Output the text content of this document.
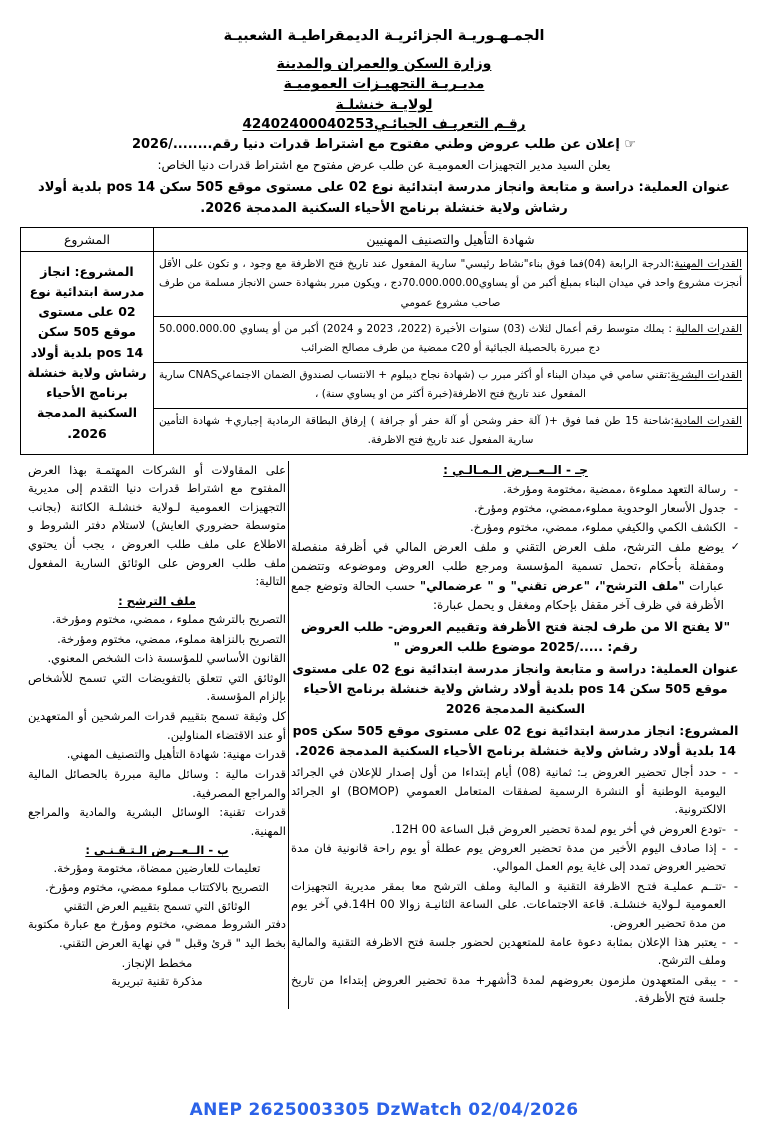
الجمـهـوريـة الجزائريـة الديمقراطيـة الشعبيـة
وزارة السكن والعمران والمدينة
مديـريـة التجهيـزات العموميـة
لولايـة خنشلـة
رقـم التعريـف الجبائـي42402400040253
☞ إعلان عن طلب عروض وطني مفتوح مع اشتراط قدرات دنيا رقم......../2026
يعلن السيد مدير التجهيزات العموميـة عن طلب عرض مفتوح مع اشتراط قدرات دنيا الخاص:
عنوان العملية: دراسة و متابعة وانجاز مدرسة ابتدائية نوع 02 على مستوى موقع 505 سكن pos 14 بلدية أولاد رشاش ولاية خنشلة برنامج الأحياء السكنية المدمجة 2026.
شهادة التأهيل والتصنيف المهنيين	المشروع
القدرات المهنية:الدرجة الرابعة (04)فما فوق بناء"نشاط رئيسي" سارية المفعول عند تاريخ فتح الاظرفة مع وجود ، و تكون على الأقل أنجزت مشروع واحد في ميدان البناء بمبلغ أكبر من أو يساوي70.000.000.00دج ، ويكون مبرر بشهادة حسن الانجاز مسلمة من طرف صاحب مشروع عمومي	المشروع: انجاز مدرسة ابتدائية نوع 02 على مستوى موقع 505 سكن pos 14 بلدية أولاد رشاش ولاية خنشلة برنامج الأحياء السكنية المدمجة 2026.
القدرات المالية : يملك متوسط رقم أعمال لثلاث (03) سنوات الأخيرة (2022، 2023 و 2024) أكبر من أو يساوي 50.000.000.00 دج مبررة بالحصيلة الجبائية أو c20 ممضية من طرف مصالح الضرائب	
القدرات البشرية:تقني سامي في ميدان البناء أو أكثر مبرر ب (شهادة نجاح ديبلوم + الانتساب لصندوق الضمان الاجتماعيCNAS سارية المفعول عند تاريخ فتح الاظرفة(خبرة أكثر من او يساوي سنة) ،	
القدرات المادية:شاحنة 15 طن فما فوق +( آلة حفر وشحن أو آلة حفر أو جرافة ) إرفاق البطاقة الرمادية إجباري+ شهادة التأمين سارية المفعول عند تاريخ فتح الاظرفة.	
جـ - الــعــرض الـمـالـي :
- رسالة التعهد مملوءة ،ممضية ،مختومة ومؤرخة.
- جدول الأسعار الوحدوية مملوء،ممضي، مختوم ومؤرخ.
- الكشف الكمي والكيفي مملوء، ممضي، مختوم ومؤرخ.
✓ يوضع ملف الترشح، ملف العرض التقني و ملف العرض المالي في أظرفة منفصلة ومقفلة بأحكام ،تحمل تسمية المؤسسة ومرجع طلب العروض وموضوعه وتتضمن عبارات "ملف الترشح"، "عرض تقني" و " عرضمالي" حسب الحالة وتوضع جمع الأظرفة في ظرف آخر مقفل بإحكام ومغفل و يحمل عبارة:
"لا يفتح الا من طرف لجنة فتح الأظرفة وتقييم العروض- طلب العروض رقم: ...../2025 موضوع طلب العروض "
عنوان العملية: دراسة و متابعة وانجاز مدرسة ابتدائية نوع 02 على مستوى موقع 505 سكن pos 14 بلدية أولاد رشاش ولاية خنشلة برنامج الأحياء السكنية المدمجة 2026
المشروع: انجاز مدرسة ابتدائية نوع 02 على مستوى موقع 505 سكن pos 14 بلدية أولاد رشاش ولاية خنشلة برنامج الأحياء السكنية المدمجة 2026.
- - حدد أجال تحضير العروض بـ: ثمانية (08) أيام إبتداءا من أول إصدار للإعلان في الجرائد اليومية الوطنية أو النشرة الرسمية لصفقات المتعامل العمومي (BOMOP) او الجرائد الالكترونية.
- -تودع العروض في أخر يوم لمدة تحضير العروض قبل الساعة 12H 00.
- - إذا صادف اليوم الأخير من مدة تحضير العروض يوم عطلة أو يوم راحة قانونية فان مدة تحضير العروض تمدد إلى غاية يوم العمل الموالي.
- -تتــم عمليـة فتـح الاظرفة التقنية و المالية وملف الترشح معا بمقر مديرية التجهيزات العمومية لـولاية خنشلـة. قاعة الاجتماعات. على الساعة الثانيـة زوالا 14H 00.في آخر يوم من مدة تحضير العروض.
- - يعتبر هذا الإعلان بمثابة دعوة عامة للمتعهدين لحضور جلسة فتح الاظرفة التقنية والمالية وملف الترشح.
- - يبقى المتعهدون ملزمون بعروضهم لمدة 3أشهر+ مدة تحضير العروض إبتداءا من تاريخ جلسة فتح الأظرفة.
على المقاولات أو الشركات المهتمـة بهذا العرض المفتوح مع اشتراط قدرات دنيا التقدم إلى مديرية التجهيزات العمومية لـولاية خنشلـة الكائنة (بجانب متوسطة حضروري العايش) لاستلام دفتر الشروط و الاطلاع على ملف طلب العروض ، يجب أن يحتوي ملف طلب العروض على الوثائق السارية المفعول التالية:
ملف الترشح :
التصريح بالترشح مملوء ، ممضي، مختوم ومؤرخة.
التصريح بالنزاهة مملوء، ممضي، مختوم ومؤرخة.
القانون الأساسي للمؤسسة ذات الشخص المعنوي.
الوثائق التي تتعلق بالتفويضات التي تسمح للأشخاص بإلزام المؤسسة.
كل وثيقة تسمح بتقييم قدرات المرشحين أو المتعهدين أو عند الاقتضاء المناولين.
قدرات مهنية: شهادة التأهيل والتصنيف المهني.
قدرات مالية : وسائل مالية مبررة بالحصائل المالية والمراجع المصرفية.
قدرات تقنية: الوسائل البشرية والمادية والمراجع المهنية.
ب - الــعــرض الـتـقـنـي :
تعليمات للعارضين ممضاة، مختومة ومؤرخة.
التصريح بالاكتتاب مملوء ممضي، مختوم ومؤرخ.
الوثائق التي تسمح بتقييم العرض التقني
دفتر الشروط ممضي، مختوم ومؤرخ مع عبارة مكتوبة بخط اليد " قرئ وقبل " في نهاية العرض التقني.
مخطط الإنجاز.
مذكرة تقنية تبريرية
ANEP 2625003305 DzWatch 02/04/2026
